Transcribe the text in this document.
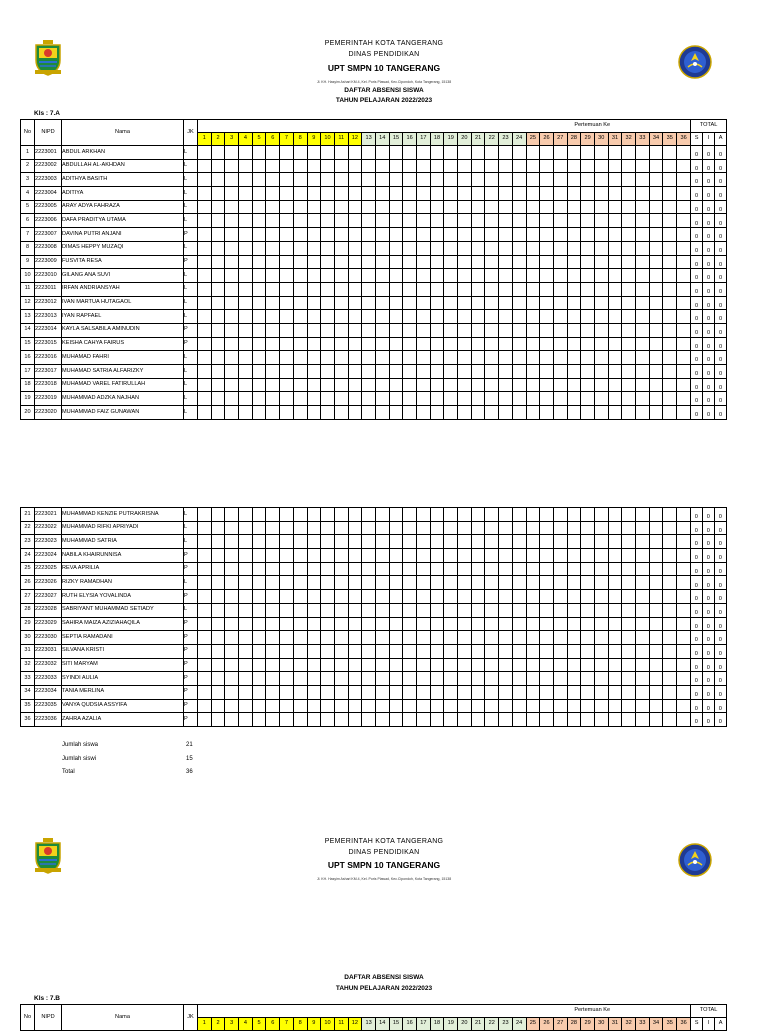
PEMERINTAH KOTA TANGERANG
DINAS PENDIDIKAN
UPT SMPN 10 TANGERANG
Jl. KH. Hasyim Ashari KM.4, Kel. Poris Plawad, Kec.Cipondoh, Kota Tangerang, 15138
DAFTAR ABSENSI SISWA
TAHUN PELAJARAN 2022/2023
Kls : 7.A
No	NIPD	Nama	JK	Pertemuan Ke																																				TOTAL		
				1	2	3	4	5	6	7	8	9	10	11	12	13	14	15	16	17	18	19	20	21	22	23	24	25	26	27	28	29	30	31	32	33	34	35	36	S	I	A
1	2223001	ABDUL ARKHAN	L																																					0	0	0
2	2223002	ABDULLAH AL-AKHDAN	L																																					0	0	0
3	2223003	ADITHYA BASITH	L																																					0	0	0
4	2223004	ADITIYA	L																																					0	0	0
5	2223005	ARAY ADYA FAHRAZA	L																																					0	0	0
6	2223006	DAFA PRADITYA UTAMA	L																																					0	0	0
7	2223007	DAVINA PUTRI ANJANI	P																																					0	0	0
8	2223008	DIMAS HEPPY MUZAQI	L																																					0	0	0
9	2223009	FUSVITA RESA	P																																					0	0	0
10	2223010	GILANG ANA SUVI	L																																					0	0	0
11	2223011	IRFAN ANDRIANSYAH	L																																					0	0	0
12	2223012	IVAN MARTUA HUTAGAOL	L																																					0	0	0
13	2223013	IYAN RAPFAEL	L																																					0	0	0
14	2223014	KAYLA SALSABILA AMINUDIN	P																																					0	0	0
15	2223015	KEISHA CAHYA FAIRUS	P																																					0	0	0
16	2223016	MUHAMAD FAHRI	L																																					0	0	0
17	2223017	MUHAMAD SATRIA ALFARIZKY	L																																					0	0	0
18	2223018	MUHAMAD VAREL FATIRULLAH	L																																					0	0	0
19	2223019	MUHAMMAD ADZKA NAJHAN	L																																					0	0	0
20	2223020	MUHAMMAD FAIZ GUNAWAN	L																																					0	0	0
21	2223021	MUHAMMAD KENZIE PUTRAKRISNA	L																																					0	0	0
22	2223022	MUHAMMAD RIFKI APRIYADI	L																																					0	0	0
23	2223023	MUHAMMAD SATRIA	L																																					0	0	0
24	2223024	NABILA KHAIRUNNISA	P																																					0	0	0
25	2223025	REVA APRILIA	P																																					0	0	0
26	2223026	RIZKY RAMADHAN	L																																					0	0	0
27	2223027	RUTH ELYSIA YOVALINDA	P																																					0	0	0
28	2223028	SABRIYANT MUHAMMAD SETIADY	L																																					0	0	0
29	2223029	SAHIRA MAIZA AZIZIAHAQILA	P																																					0	0	0
30	2223030	SEPTIA RAMADANI	P																																					0	0	0
31	2223031	SILVANA KRISTI	P																																					0	0	0
32	2223032	SITI MARYAM	P																																					0	0	0
33	2223033	SYINDI AULIA	P																																					0	0	0
34	2223034	TANIA MERLINA	P																																					0	0	0
35	2223035	VANYA QUDSIA ASSYIFA	P																																					0	0	0
36	2223036	ZAHRA AZALIA	P																																					0	0	0
Jumlah siswa	21
Jumlah siswi	15
Total	36
PEMERINTAH KOTA TANGERANG
DINAS PENDIDIKAN
UPT SMPN 10 TANGERANG
Jl. KH. Hasyim Ashari KM.4, Kel. Poris Plawad, Kec.Cipondoh, Kota Tangerang, 15138
DAFTAR ABSENSI SISWA
TAHUN PELAJARAN 2022/2023
Kls : 7.B
No	NIPD	Nama	JK	Pertemuan Ke																																				TOTAL		
				1	2	3	4	5	6	7	8	9	10	11	12	13	14	15	16	17	18	19	20	21	22	23	24	25	26	27	28	29	30	31	32	33	34	35	36	S	I	A
